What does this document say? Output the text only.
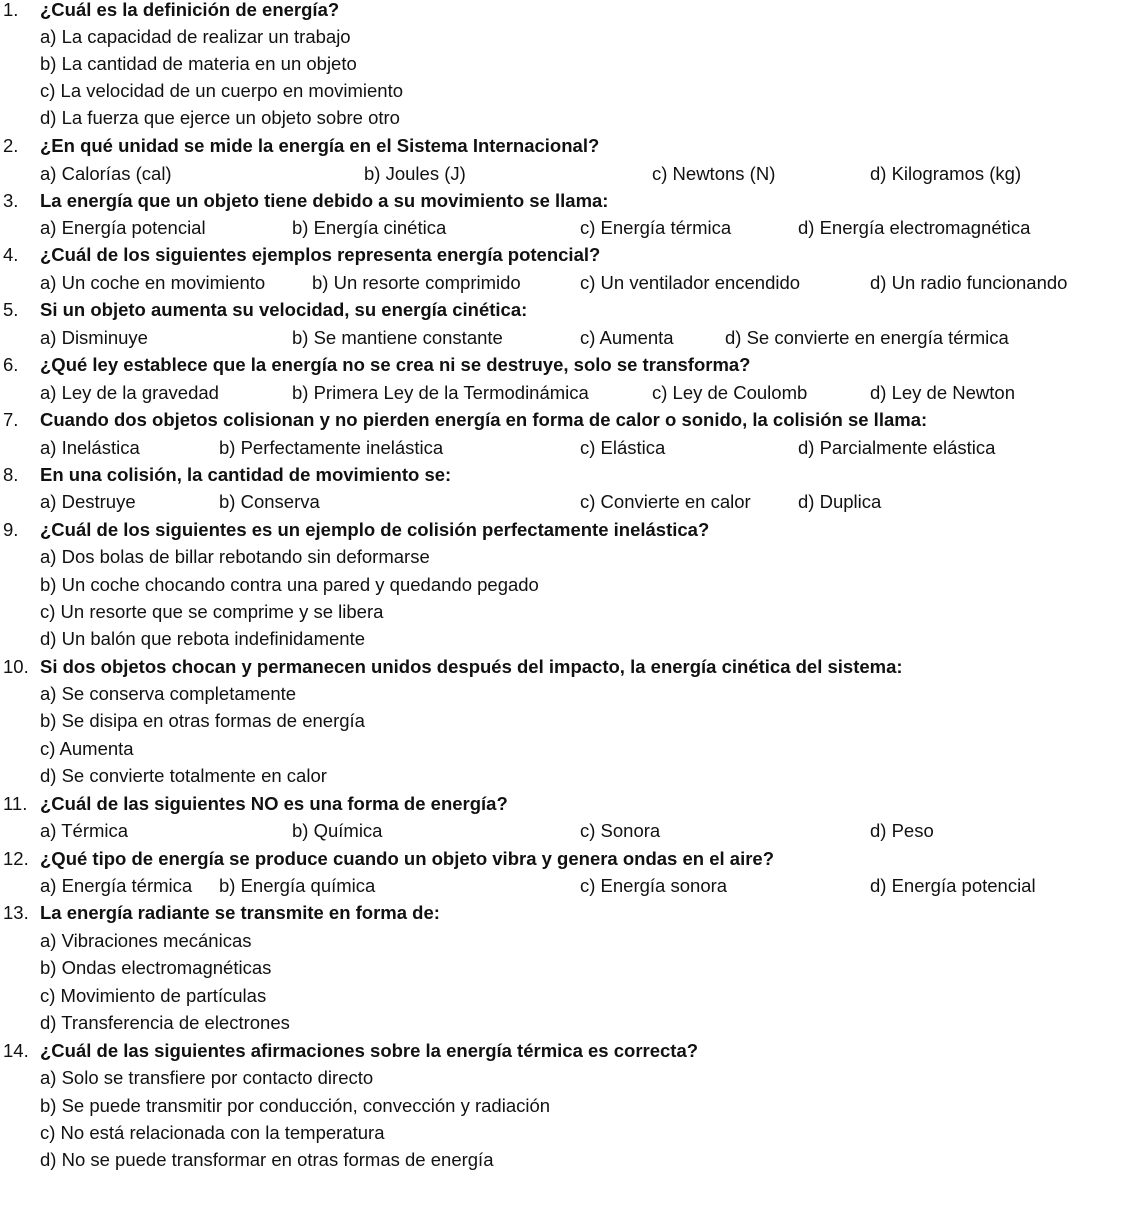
1. ¿Cuál es la definición de energía?
a) La capacidad de realizar un trabajo
b) La cantidad de materia en un objeto
c) La velocidad de un cuerpo en movimiento
d) La fuerza que ejerce un objeto sobre otro
2. ¿En qué unidad se mide la energía en el Sistema Internacional?
a) Calorías (cal)	b) Joules (J)	c) Newtons (N)	d) Kilogramos (kg)
3. La energía que un objeto tiene debido a su movimiento se llama:
a) Energía potencial	b) Energía cinética	c) Energía térmica	d) Energía electromagnética
4. ¿Cuál de los siguientes ejemplos representa energía potencial?
a) Un coche en movimiento	b) Un resorte comprimido	c) Un ventilador encendido	d) Un radio funcionando
5. Si un objeto aumenta su velocidad, su energía cinética:
a) Disminuye	b) Se mantiene constante	c) Aumenta	d) Se convierte en energía térmica
6. ¿Qué ley establece que la energía no se crea ni se destruye, solo se transforma?
a) Ley de la gravedad	b) Primera Ley de la Termodinámica	c) Ley de Coulomb	d) Ley de Newton
7. Cuando dos objetos colisionan y no pierden energía en forma de calor o sonido, la colisión se llama:
a) Inelástica	b) Perfectamente inelástica	c) Elástica	d) Parcialmente elástica
8. En una colisión, la cantidad de movimiento se:
a) Destruye	b) Conserva	c) Convierte en calor	d) Duplica
9. ¿Cuál de los siguientes es un ejemplo de colisión perfectamente inelástica?
a) Dos bolas de billar rebotando sin deformarse
b) Un coche chocando contra una pared y quedando pegado
c) Un resorte que se comprime y se libera
d) Un balón que rebota indefinidamente
10. Si dos objetos chocan y permanecen unidos después del impacto, la energía cinética del sistema:
a) Se conserva completamente
b) Se disipa en otras formas de energía
c) Aumenta
d) Se convierte totalmente en calor
11. ¿Cuál de las siguientes NO es una forma de energía?
a) Térmica	b) Química	c) Sonora	d) Peso
12. ¿Qué tipo de energía se produce cuando un objeto vibra y genera ondas en el aire?
a) Energía térmica b) Energía química	c) Energía sonora	d) Energía potencial
13. La energía radiante se transmite en forma de:
a) Vibraciones mecánicas
b) Ondas electromagnéticas
c) Movimiento de partículas
d) Transferencia de electrones
14. ¿Cuál de las siguientes afirmaciones sobre la energía térmica es correcta?
a) Solo se transfiere por contacto directo
b) Se puede transmitir por conducción, convección y radiación
c) No está relacionada con la temperatura
d) No se puede transformar en otras formas de energía
